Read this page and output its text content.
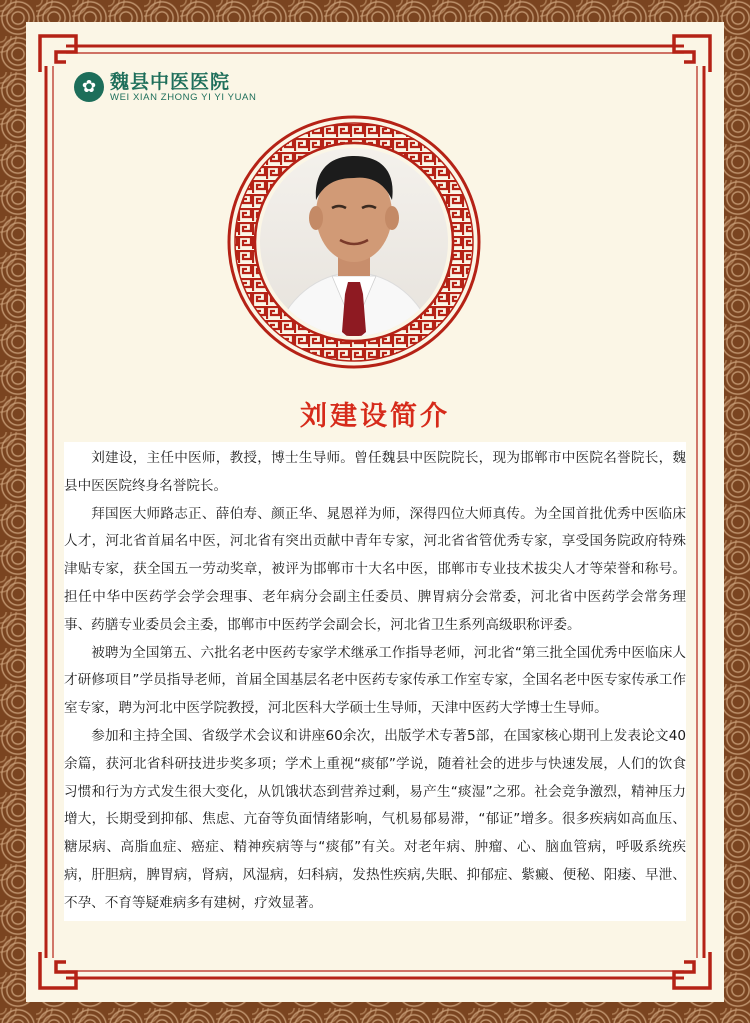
✿ 魏县中医医院
WEI XIAN ZHONG YI YI YUAN
刘建设简介

刘建设，主任中医师，教授，博士生导师。曾任魏县中医院院长，现为邯郸市中医院名誉院长，魏县中医医院终身名誉院长。

拜国医大师路志正、薛伯寿、颜正华、晁恩祥为师，深得四位大师真传。为全国首批优秀中医临床人才，河北省首届名中医，河北省有突出贡献中青年专家，河北省省管优秀专家，享受国务院政府特殊津贴专家，获全国五一劳动奖章，被评为邯郸市十大名中医，邯郸市专业技术拔尖人才等荣誉和称号。担任中华中医药学会学会理事、老年病分会副主任委员、脾胃病分会常委，河北省中医药学会常务理事、药膳专业委员会主委，邯郸市中医药学会副会长，河北省卫生系列高级职称评委。

被聘为全国第五、六批名老中医药专家学术继承工作指导老师，河北省“第三批全国优秀中医临床人才研修项目”学员指导老师，首届全国基层名老中医药专家传承工作室专家，全国名老中医专家传承工作室专家，聘为河北中医学院教授，河北医科大学硕士生导师，天津中医药大学博士生导师。

参加和主持全国、省级学术会议和讲座60余次，出版学术专著5部，在国家核心期刊上发表论文40余篇，获河北省科研技进步奖多项；学术上重视“痰郁”学说，随着社会的进步与快速发展，人们的饮食习惯和行为方式发生很大变化，从饥饿状态到营养过剩，易产生“痰湿”之邪。社会竞争激烈，精神压力增大，长期受到抑郁、焦虑、亢奋等负面情绪影响，气机易郁易滞，“郁证”增多。很多疾病如高血压、糖尿病、高脂血症、癌症、精神疾病等与“痰郁”有关。对老年病、肿瘤、心、脑血管病，呼吸系统疾病，肝胆病，脾胃病，肾病，风湿病，妇科病，发热性疾病,失眠、抑郁症、紫癜、便秘、阳痿、早泄、不孕、不育等疑难病多有建树，疗效显著。
